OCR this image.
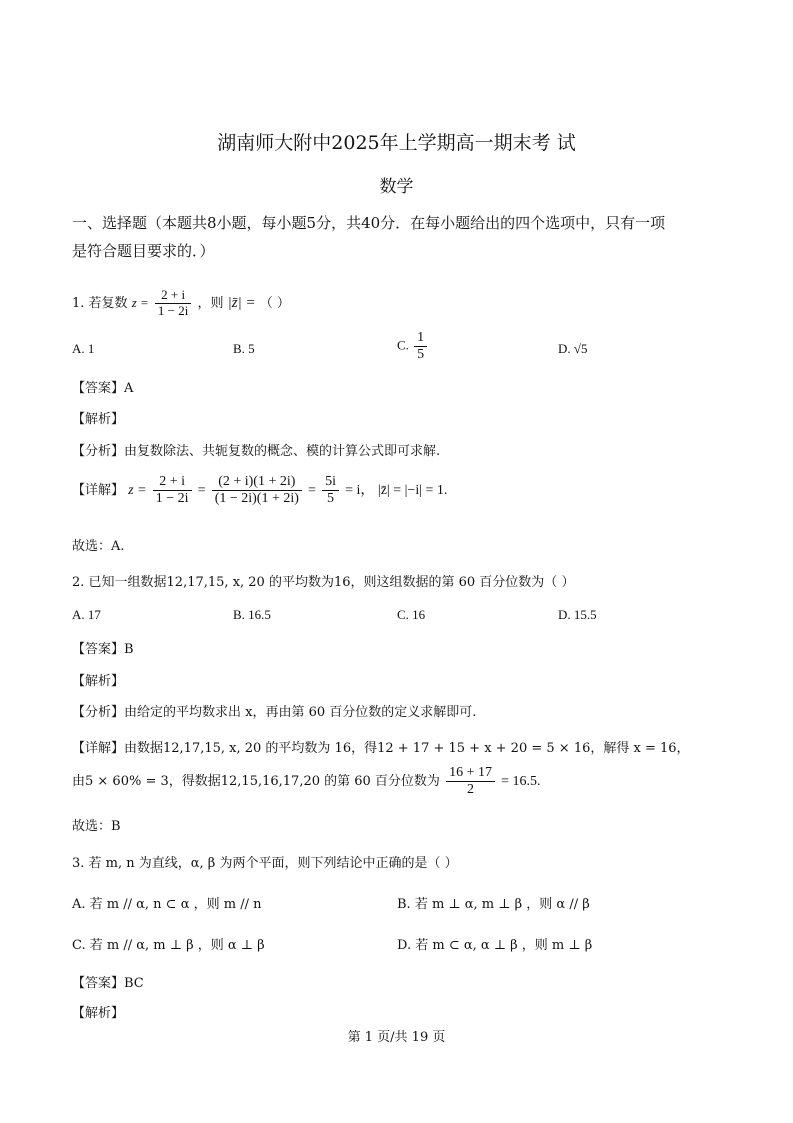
湖南师大附中2025年上学期高一期末考 试
数学
一、选择题（本题共8小题，每小题5分，共40分．在每小题给出的四个选项中，只有一项
是符合题目要求的．）
1. 若复数 $z = \frac{2 + i}{1 - 2i}$ ，则 |z̄| = （ ）
A. 1	B. 5	C. $\frac{1}{5}$	D. √5
【答案】A
【解析】
【分析】由复数除法、共轭复数的概念、模的计算公式即可求解.
【详解】 $z = \frac{2 + i}{1 - 2i} = \frac{(2 + i)(1 + 2i)}{(1 - 2i)(1 + 2i)} = \frac{5i}{5} = i$， |z̄| = |−i| = 1.
故选：A.
2. 已知一组数据12,17,15, x, 20 的平均数为16，则这组数据的第 60 百分位数为（ ）
A. 17	B. 16.5	C. 16	D. 15.5
【答案】B
【解析】
【分析】由给定的平均数求出 x，再由第 60 百分位数的定义求解即可.
【详解】由数据12,17,15, x, 20 的平均数为 16，得12 + 17 + 15 + x + 20 = 5 × 16，解得 x = 16，
由5 × 60% = 3，得数据12,15,16,17,20 的第 60 百分位数为 $\frac{16 + 17}{2} = 16.5$.
故选：B
3. 若 m, n 为直线，α, β 为两个平面，则下列结论中正确的是（ ）
A. 若 m // α, n ⊂ α ，则 m // n	B. 若 m ⊥ α, m ⊥ β ，则 α // β
C. 若 m // α, m ⊥ β ，则 α ⊥ β	D. 若 m ⊂ α, α ⊥ β ，则 m ⊥ β
【答案】BC
【解析】
第 1 页/共 19 页
